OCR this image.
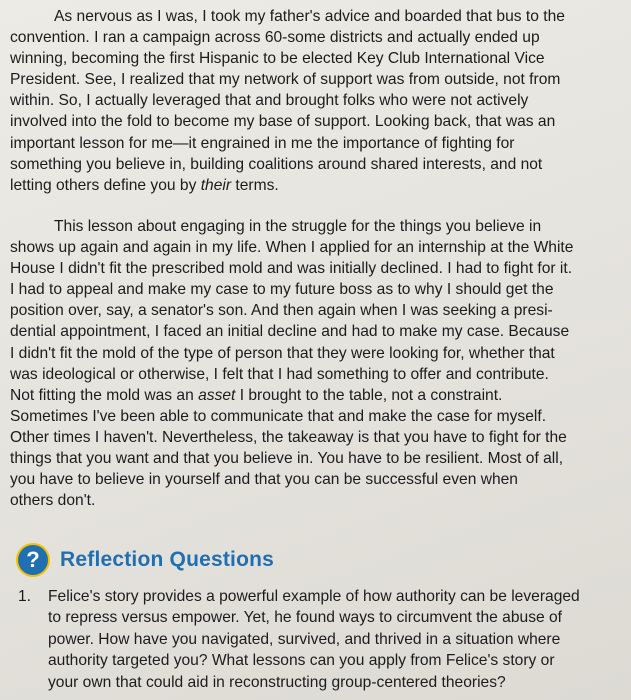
As nervous as I was, I took my father's advice and boarded that bus to the
convention. I ran a campaign across 60-some districts and actually ended up
winning, becoming the first Hispanic to be elected Key Club International Vice
President. See, I realized that my network of support was from outside, not from
within. So, I actually leveraged that and brought folks who were not actively
involved into the fold to become my base of support. Looking back, that was an
important lesson for me—it engrained in me the importance of fighting for
something you believe in, building coalitions around shared interests, and not
letting others define you by their terms.

This lesson about engaging in the struggle for the things you believe in
shows up again and again in my life. When I applied for an internship at the White
House I didn't fit the prescribed mold and was initially declined. I had to fight for it.
I had to appeal and make my case to my future boss as to why I should get the
position over, say, a senator's son. And then again when I was seeking a presi-
dential appointment, I faced an initial decline and had to make my case. Because
I didn't fit the mold of the type of person that they were looking for, whether that
was ideological or otherwise, I felt that I had something to offer and contribute.
Not fitting the mold was an asset I brought to the table, not a constraint.
Sometimes I've been able to communicate that and make the case for myself.
Other times I haven't. Nevertheless, the takeaway is that you have to fight for the
things that you want and that you believe in. You have to be resilient. Most of all,
you have to believe in yourself and that you can be successful even when
others don't.

? Reflection Questions
1.	Felice's story provides a powerful example of how authority can be leveraged
to repress versus empower. Yet, he found ways to circumvent the abuse of
power. How have you navigated, survived, and thrived in a situation where
authority targeted you? What lessons can you apply from Felice's story or
your own that could aid in reconstructing group-centered theories?
